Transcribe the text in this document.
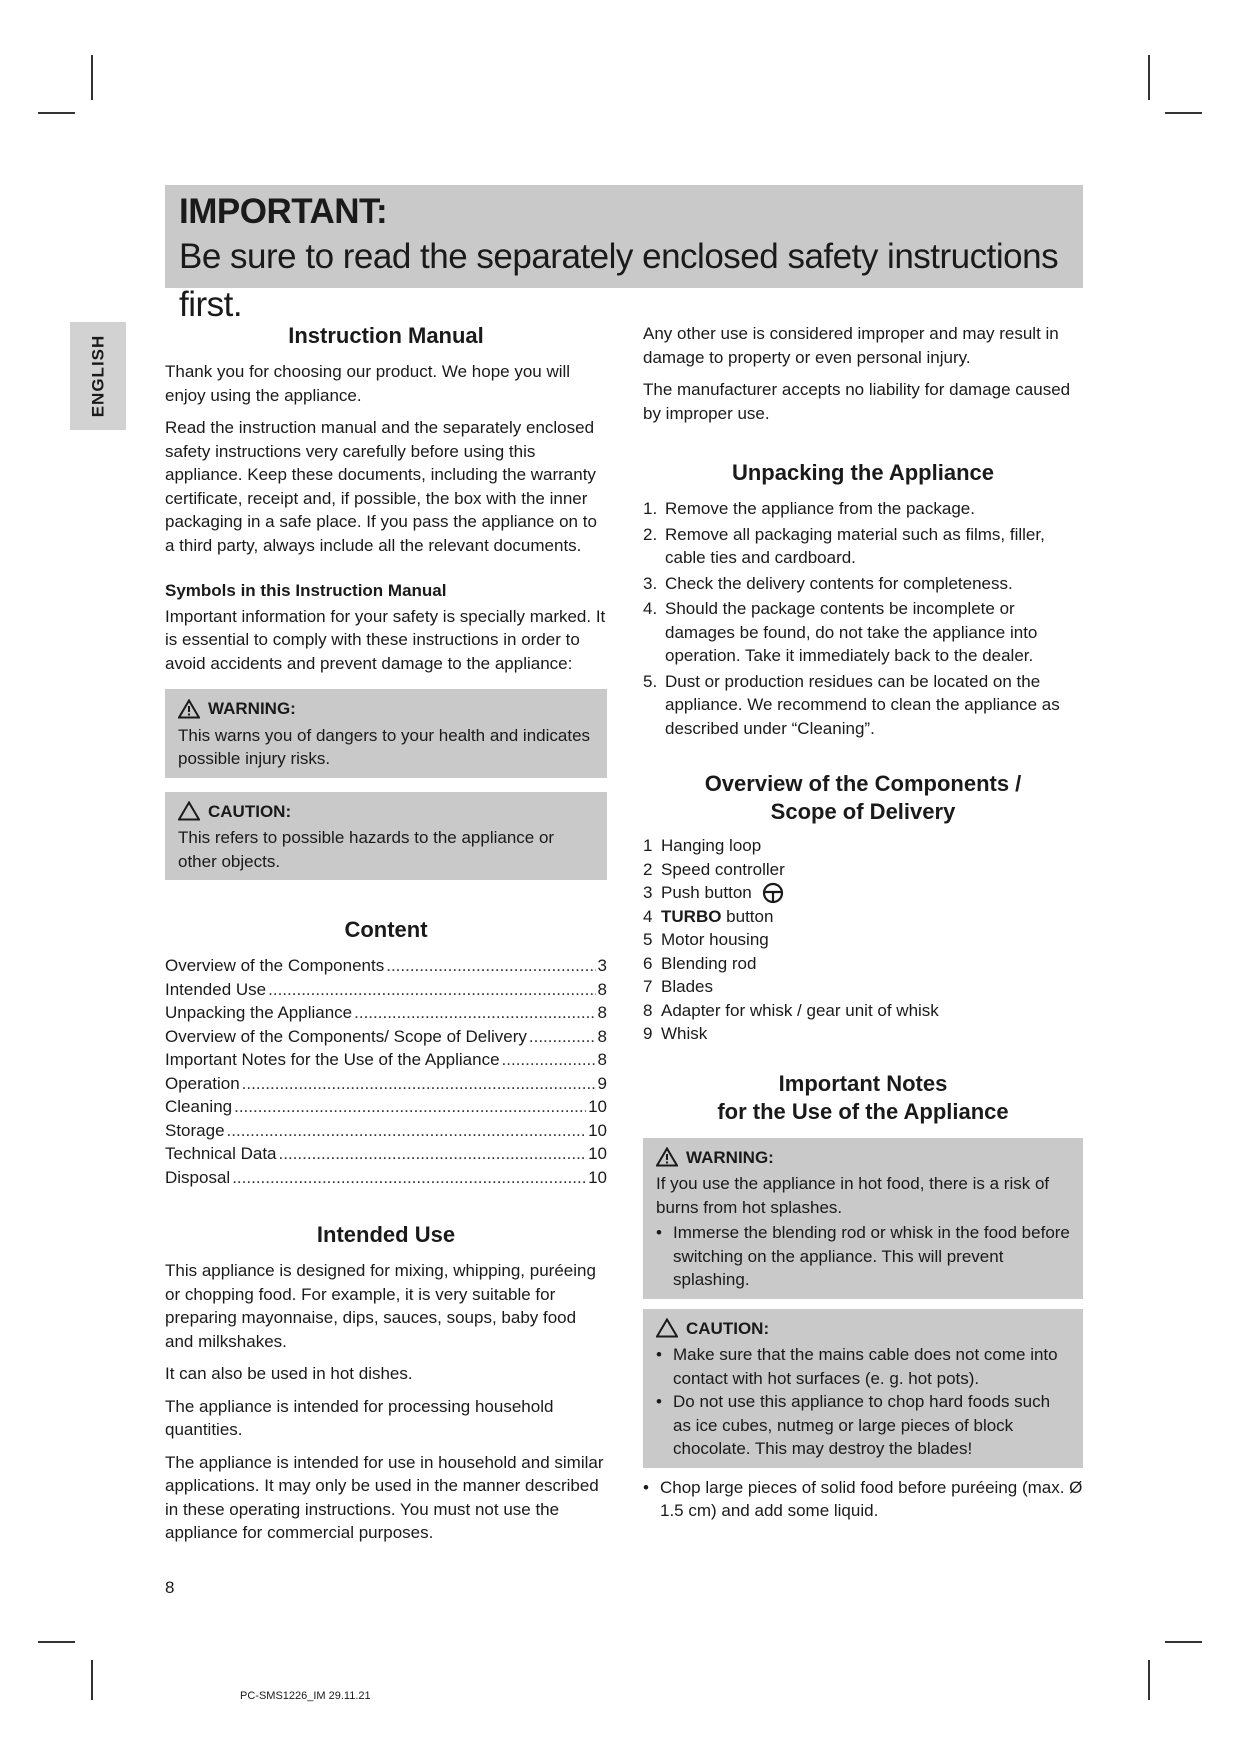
IMPORTANT:
Be sure to read the separately enclosed safety instructions first.
ENGLISH	Instruction Manual

Thank you for choosing our product. We hope you will enjoy using the appliance.

Read the instruction manual and the separately enclosed safety instructions very carefully before using this appliance. Keep these documents, including the warranty certificate, receipt and, if possible, the box with the inner packaging in a safe place. If you pass the appliance on to a third party, always include all the relevant documents.

Symbols in this Instruction Manual

Important information for your safety is specially marked. It is essential to comply with these instructions in order to avoid accidents and prevent damage to the appliance:

WARNING:
This warns you of dangers to your health and indicates possible injury risks.
CAUTION:
This refers to possible hazards to the appliance or other objects.
Content
Overview of the Components .....	3
Intended Use .....	8
Unpacking the Appliance .....	8
Overview of the Components/ Scope of Delivery .....	8
Important Notes for the Use of the Appliance .....	8
Operation .....	9
Cleaning .....	10
Storage .....	10
Technical Data .....	10
Disposal .....	10
Intended Use

This appliance is designed for mixing, whipping, puréeing or chopping food. For example, it is very suitable for preparing mayonnaise, dips, sauces, soups, baby food and milkshakes.

It can also be used in hot dishes.

The appliance is intended for processing household quantities.

The appliance is intended for use in household and similar applications. It may only be used in the manner described in these operating instructions. You must not use the appliance for commercial purposes.

Any other use is considered improper and may result in damage to property or even personal injury.

The manufacturer accepts no liability for damage caused by improper use.

Unpacking the Appliance
1. Remove the appliance from the package.
2. Remove all packaging material such as films, filler, cable ties and cardboard.
3. Check the delivery contents for completeness.
4. Should the package contents be incomplete or damages be found, do not take the appliance into operation. Take it immediately back to the dealer.
5. Dust or production residues can be located on the appliance. We recommend to clean the appliance as described under “Cleaning”.
Overview of the Components /
Scope of Delivery
1 Hanging loop
2 Speed controller
3 Push button
4 TURBO button
5 Motor housing
6 Blending rod
7 Blades
8 Adapter for whisk / gear unit of whisk
9 Whisk
Important Notes
for the Use of the Appliance
WARNING:
If you use the appliance in hot food, there is a risk of burns from hot splashes.
• Immerse the blending rod or whisk in the food before switching on the appliance. This will prevent splashing.
CAUTION:
• Make sure that the mains cable does not come into contact with hot surfaces (e. g. hot pots).
• Do not use this appliance to chop hard foods such as ice cubes, nutmeg or large pieces of block chocolate. This may destroy the blades!
• Chop large pieces of solid food before puréeing (max. Ø 1.5 cm) and add some liquid.
8
PC-SMS1226_IM 29.11.21
